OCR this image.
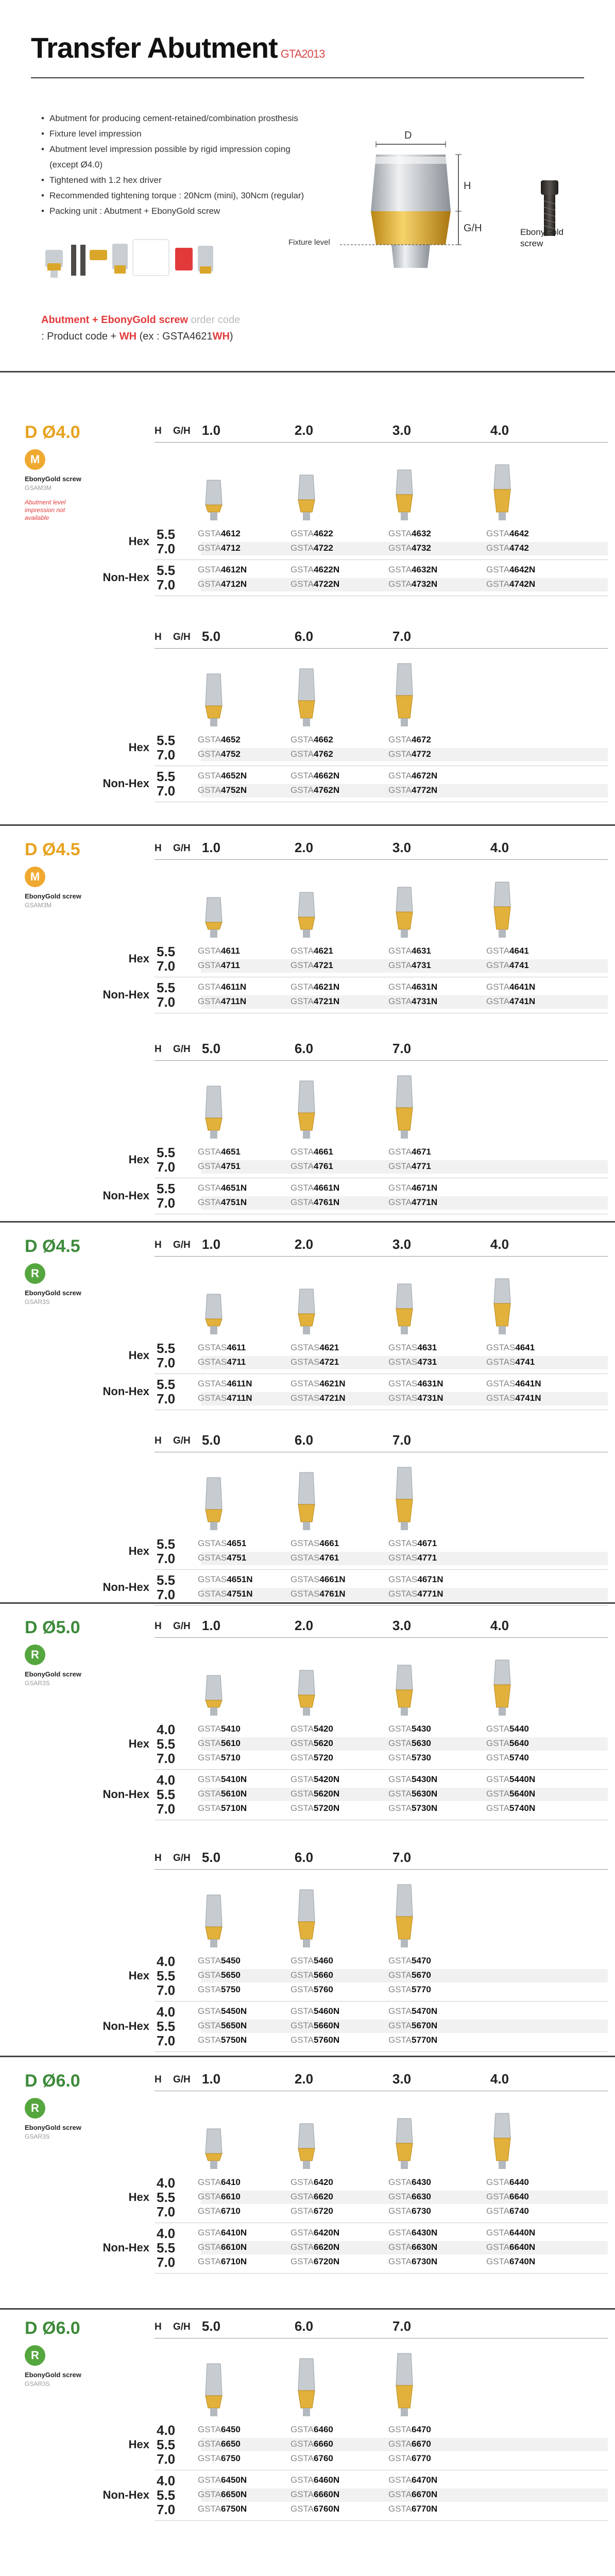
Transfer Abutment GTA2013
• Abutment for producing cement-retained/combination prosthesis
• Fixture level impression
• Abutment level impression possible by rigid impression coping
(except Ø4.0)
• Tightened with 1.2 hex driver
• Recommended tightening torque : 20Ncm (mini), 30Ncm (regular)
• Packing unit : Abutment + EbonyGold screw
Abutment + EbonyGold screw order code
: Product code + WH (ex : GSTA4621WH)
D
H
G/H
Fixture level
EbonyGold
screw
D Ø4.0
M
EbonyGold screw
GSAM3M
Abutment level impression not available
H G/H 1.0	2.0	3.0	4.0
5.5	GSTA4612	GSTA4622	GSTA4632	GSTA4642
7.0	GSTA4712	GSTA4722	GSTA4732	GSTA4742
Hex
5.5	GSTA4612N	GSTA4622N	GSTA4632N	GSTA4642N
7.0	GSTA4712N	GSTA4722N	GSTA4732N	GSTA4742N
Non-Hex
H G/H 5.0	6.0	7.0
5.5	GSTA4652	GSTA4662	GSTA4672
7.0	GSTA4752	GSTA4762	GSTA4772
Hex
5.5	GSTA4652N	GSTA4662N	GSTA4672N
7.0	GSTA4752N	GSTA4762N	GSTA4772N
Non-Hex
D Ø4.5
M
EbonyGold screw
GSAM3M
H G/H 1.0	2.0	3.0	4.0
5.5	GSTA4611	GSTA4621	GSTA4631	GSTA4641
7.0	GSTA4711	GSTA4721	GSTA4731	GSTA4741
Hex
5.5	GSTA4611N	GSTA4621N	GSTA4631N	GSTA4641N
7.0	GSTA4711N	GSTA4721N	GSTA4731N	GSTA4741N
Non-Hex
H G/H 5.0	6.0	7.0
5.5	GSTA4651	GSTA4661	GSTA4671
7.0	GSTA4751	GSTA4761	GSTA4771
Hex
5.5	GSTA4651N	GSTA4661N	GSTA4671N
7.0	GSTA4751N	GSTA4761N	GSTA4771N
Non-Hex
D Ø4.5
R
EbonyGold screw
GSAR3S
H G/H 1.0	2.0	3.0	4.0
5.5	GSTAS4611	GSTAS4621	GSTAS4631	GSTAS4641
7.0	GSTAS4711	GSTAS4721	GSTAS4731	GSTAS4741
Hex
5.5	GSTAS4611N	GSTAS4621N	GSTAS4631N	GSTAS4641N
7.0	GSTAS4711N	GSTAS4721N	GSTAS4731N	GSTAS4741N
Non-Hex
H G/H 5.0	6.0	7.0
5.5	GSTAS4651	GSTAS4661	GSTAS4671
7.0	GSTAS4751	GSTAS4761	GSTAS4771
Hex
5.5	GSTAS4651N	GSTAS4661N	GSTAS4671N
7.0	GSTAS4751N	GSTAS4761N	GSTAS4771N
Non-Hex
D Ø5.0
R
EbonyGold screw
GSAR3S
H G/H 1.0	2.0	3.0	4.0
4.0	GSTA5410	GSTA5420	GSTA5430	GSTA5440
5.5	GSTA5610	GSTA5620	GSTA5630	GSTA5640
7.0	GSTA5710	GSTA5720	GSTA5730	GSTA5740
Hex
4.0	GSTA5410N	GSTA5420N	GSTA5430N	GSTA5440N
5.5	GSTA5610N	GSTA5620N	GSTA5630N	GSTA5640N
7.0	GSTA5710N	GSTA5720N	GSTA5730N	GSTA5740N
Non-Hex
H G/H 5.0	6.0	7.0
4.0	GSTA5450	GSTA5460	GSTA5470
5.5	GSTA5650	GSTA5660	GSTA5670
7.0	GSTA5750	GSTA5760	GSTA5770
Hex
4.0	GSTA5450N	GSTA5460N	GSTA5470N
5.5	GSTA5650N	GSTA5660N	GSTA5670N
7.0	GSTA5750N	GSTA5760N	GSTA5770N
Non-Hex
D Ø6.0
R
EbonyGold screw
GSAR3S
H G/H 1.0	2.0	3.0	4.0
4.0	GSTA6410	GSTA6420	GSTA6430	GSTA6440
5.5	GSTA6610	GSTA6620	GSTA6630	GSTA6640
7.0	GSTA6710	GSTA6720	GSTA6730	GSTA6740
Hex
4.0	GSTA6410N	GSTA6420N	GSTA6430N	GSTA6440N
5.5	GSTA6610N	GSTA6620N	GSTA6630N	GSTA6640N
7.0	GSTA6710N	GSTA6720N	GSTA6730N	GSTA6740N
Non-Hex
D Ø6.0
R
EbonyGold screw
GSAR3S
H G/H 5.0	6.0	7.0
4.0	GSTA6450	GSTA6460	GSTA6470
5.5	GSTA6650	GSTA6660	GSTA6670
7.0	GSTA6750	GSTA6760	GSTA6770
Hex
4.0	GSTA6450N	GSTA6460N	GSTA6470N
5.5	GSTA6650N	GSTA6660N	GSTA6670N
7.0	GSTA6750N	GSTA6760N	GSTA6770N
Non-Hex
